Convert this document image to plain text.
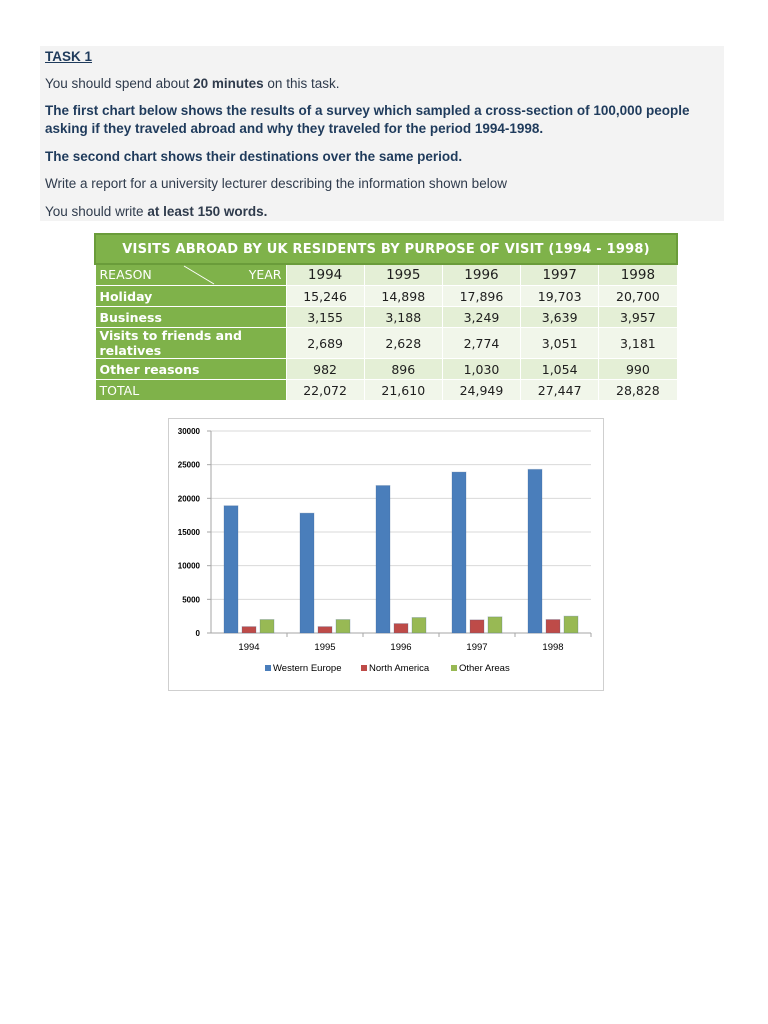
TASK 1

You should spend about 20 minutes on this task.

The first chart below shows the results of a survey which sampled a cross-section of 100,000 people asking if they traveled abroad and why they traveled for the period 1994-1998.

The second chart shows their destinations over the same period.

Write a report for a university lecturer describing the information shown below

You should write at least 150 words.

VISITS ABROAD BY UK RESIDENTS BY PURPOSE OF VISIT (1994 - 1998)					

REASON YEAR	1994	1995	1996	1997	1998
Holiday	15,246	14,898	17,896	19,703	20,700
Business	3,155	3,188	3,249	3,639	3,957
Visits to friends and relatives	2,689	2,628	2,774	3,051	3,181
Other reasons	982	896	1,030	1,054	990
TOTAL	22,072	21,610	24,949	27,447	28,828
0
5000
10000
15000
20000
25000
30000
1994	1995	1996	1997	1998
Western Europe	North America	Other Areas
